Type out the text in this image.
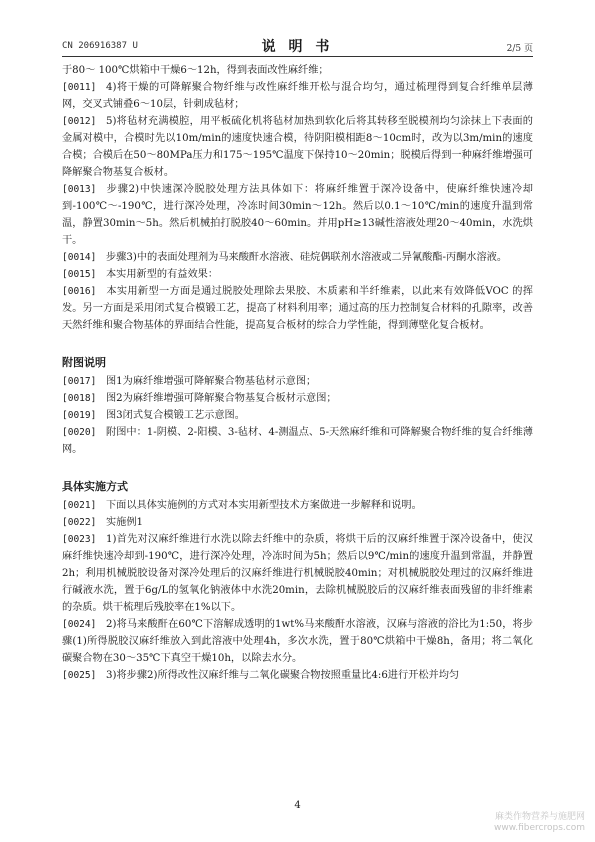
CN 206916387 U	说 明 书	2/5 页

于80～ 100℃烘箱中干燥6～12h，得到表面改性麻纤维；

[0011] 4)将干燥的可降解聚合物纤维与改性麻纤维开松与混合均匀，通过梳理得到复合纤维单层薄网，交叉式铺叠6～10层，针刺成毡材；

[0012] 5)将毡材充满模腔，用平板硫化机将毡材加热到软化后将其转移至脱模剂均匀涂抹上下表面的金属对模中，合模时先以10m/min的速度快速合模，待阴阳模相距8～10cm时，改为以3m/min的速度合模；合模后在50～80MPa压力和175～195℃温度下保持10～20min；脱模后得到一种麻纤维增强可降解聚合物基复合板材。

[0013] 步骤2)中快速深冷脱胶处理方法具体如下：将麻纤维置于深冷设备中，使麻纤维快速冷却到-100℃～-190℃，进行深冷处理，冷冻时间30min～12h。然后以0.1～10℃/min的速度升温到常温，静置30min～5h。然后机械拍打脱胶40～60min。并用pH≥13碱性溶液处理20～40min，水洗烘干。

[0014] 步骤3)中的表面处理剂为马来酸酐水溶液、硅烷偶联剂水溶液或二异氰酸酯-丙酮水溶液。

[0015] 本实用新型的有益效果：

[0016] 本实用新型一方面是通过脱胶处理除去果胶、木质素和半纤维素，以此来有效降低VOC 的挥发。另一方面是采用闭式复合模锻工艺，提高了材料利用率；通过高的压力控制复合材料的孔隙率，改善天然纤维和聚合物基体的界面结合性能，提高复合板材的综合力学性能，得到薄壁化复合板材。

附图说明

[0017] 图1为麻纤维增强可降解聚合物基毡材示意图；

[0018] 图2为麻纤维增强可降解聚合物基复合板材示意图；

[0019] 图3闭式复合模锻工艺示意图。

[0020] 附图中：1-阴模、2-阳模、3-毡材、4-测温点、5-天然麻纤维和可降解聚合物纤维的复合纤维薄网。

具体实施方式

[0021] 下面以具体实施例的方式对本实用新型技术方案做进一步解释和说明。

[0022] 实施例1

[0023] 1)首先对汉麻纤维进行水洗以除去纤维中的杂质，将烘干后的汉麻纤维置于深冷设备中，使汉麻纤维快速冷却到-190℃，进行深冷处理，冷冻时间为5h；然后以9℃/min的速度升温到常温，并静置2h；利用机械脱胶设备对深冷处理后的汉麻纤维进行机械脱胶40min；对机械脱胶处理过的汉麻纤维进行碱液水洗，置于6g/L的氢氧化钠液体中水洗20min，去除机械脱胶后的汉麻纤维表面残留的非纤维素的杂质。烘干梳理后残胶率在1%以下。

[0024] 2)将马来酸酐在60℃下溶解成透明的1wt%马来酸酐水溶液，汉麻与溶液的浴比为1:50，将步骤(1)所得脱胶汉麻纤维放入到此溶液中处理4h，多次水洗，置于80℃烘箱中干燥8h，备用；将二氧化碳聚合物在30～35℃下真空干燥10h，以除去水分。

[0025] 3)将步骤2)所得改性汉麻纤维与二氧化碳聚合物按照重量比4:6进行开松并均匀

4
麻类作物营养与施肥网
www.fibercrops.com
